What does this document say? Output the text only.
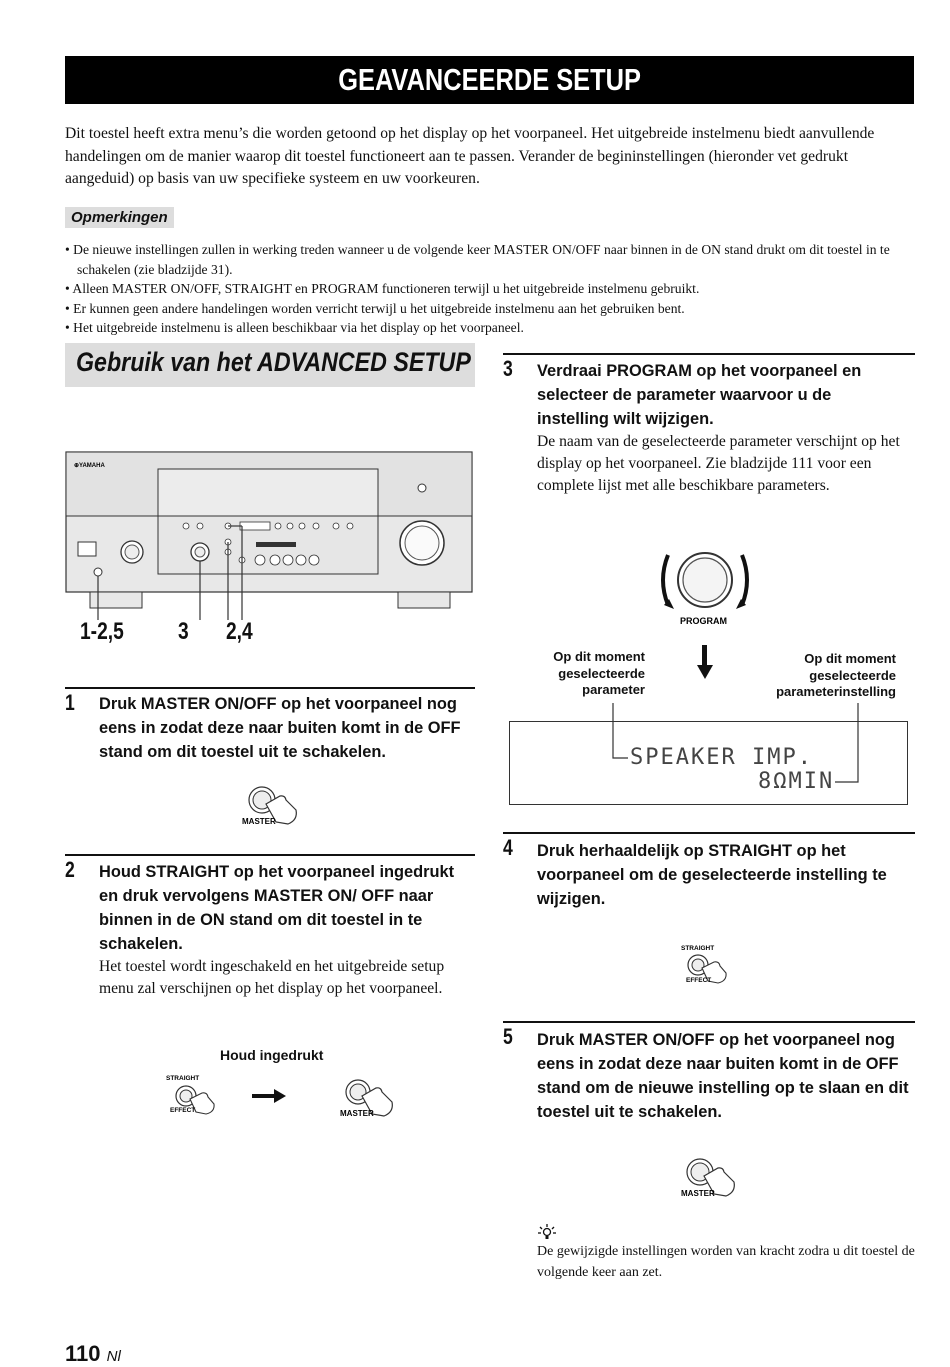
GEAVANCEERDE SETUP
Dit toestel heeft extra menu’s die worden getoond op het display op het voorpaneel. Het uitgebreide instelmenu biedt aanvullende handelingen om de manier waarop dit toestel functioneert aan te passen. Verander de begininstellingen (hieronder vet gedrukt aangeduid) op basis van uw specifieke systeem en uw voorkeuren.
Opmerkingen
• De nieuwe instellingen zullen in werking treden wanneer u de volgende keer MASTER ON/OFF naar binnen in de ON stand drukt om dit toestel in te schakelen (zie bladzijde 31).
• Alleen MASTER ON/OFF, STRAIGHT en PROGRAM functioneren terwijl u het uitgebreide instelmenu gebruikt.
• Er kunnen geen andere handelingen worden verricht terwijl u het uitgebreide instelmenu aan het gebruiken bent.
• Het uitgebreide instelmenu is alleen beschikbaar via het display op het voorpaneel.
Gebruik van het ADVANCED SETUP
⊕YAMAHA
1-2,5 3 2,4
1 Druk MASTER ON/OFF op het voorpaneel nog eens in zodat deze naar buiten komt in de OFF stand om dit toestel uit te schakelen.
MASTER
2 Houd STRAIGHT op het voorpaneel ingedrukt en druk vervolgens MASTER ON/ OFF naar binnen in de ON stand om dit toestel in te schakelen.
Het toestel wordt ingeschakeld en het uitgebreide setup menu zal verschijnen op het display op het voorpaneel.
Houd ingedrukt
STRAIGHT
EFFECT	MASTER
3 Verdraai PROGRAM op het voorpaneel en selecteer de parameter waarvoor u de instelling wilt wijzigen.
De naam van de geselecteerde parameter verschijnt op het display op het voorpaneel. Zie bladzijde 111 voor een complete lijst met alle beschikbare parameters.
PROGRAM
Op dit moment geselecteerde parameter
Op dit moment geselecteerde parameterinstelling
SPEAKER IMP.
8ΩMIN
4 Druk herhaaldelijk op STRAIGHT op het voorpaneel om de geselecteerde instelling te wijzigen.
STRAIGHT
EFFECT
5 Druk MASTER ON/OFF op het voorpaneel nog eens in zodat deze naar buiten komt in de OFF stand om de nieuwe instelling op te slaan en dit toestel uit te schakelen.
MASTER
De gewijzigde instellingen worden van kracht zodra u dit toestel de volgende keer aan zet.
110 Nl
